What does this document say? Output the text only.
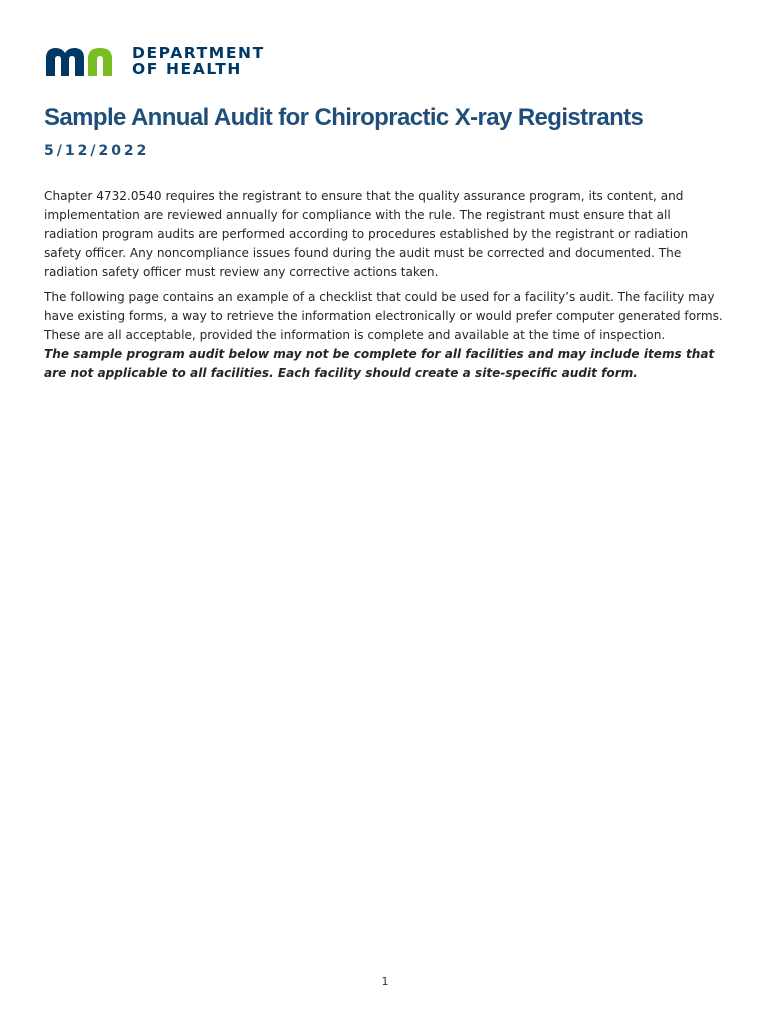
DEPARTMENT
OF HEALTH
Sample Annual Audit for Chiropractic X-ray Registrants
5/12/2022

Chapter 4732.0540 requires the registrant to ensure that the quality assurance program, its content, and implementation are reviewed annually for compliance with the rule. The registrant must ensure that all radiation program audits are performed according to procedures established by the registrant or radiation safety officer. Any noncompliance issues found during the audit must be corrected and documented. The radiation safety officer must review any corrective actions taken.

The following page contains an example of a checklist that could be used for a facility’s audit. The facility may have existing forms, a way to retrieve the information electronically or would prefer computer generated forms. These are all acceptable, provided the information is complete and available at the time of inspection.
The sample program audit below may not be complete for all facilities and may include items that are not applicable to all facilities. Each facility should create a site-specific audit form.

1
